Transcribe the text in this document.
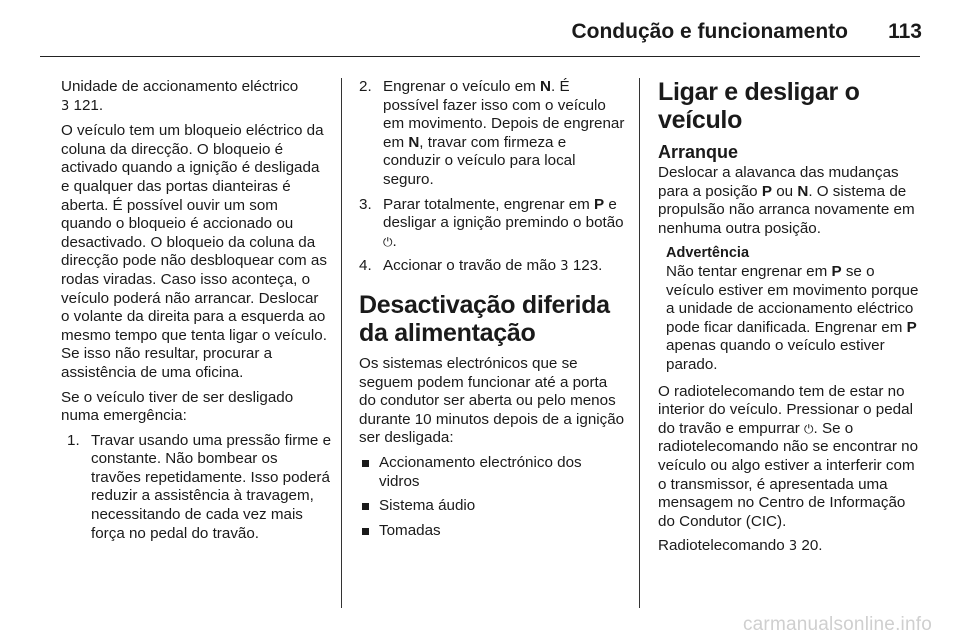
Condução e funcionamento 113

Unidade de accionamento eléctrico
3 121.

O veículo tem um bloqueio eléctrico da coluna da direcção. O bloqueio é activado quando a ignição é desligada e qualquer das portas dianteiras é aberta. É possível ouvir um som quando o bloqueio é accionado ou desactivado. O bloqueio da coluna da direcção pode não desbloquear com as rodas viradas. Caso isso aconteça, o veículo poderá não arrancar. Deslocar o volante da direita para a esquerda ao mesmo tempo que tenta ligar o veículo. Se isso não resultar, procurar a assistência de uma oficina.

Se o veículo tiver de ser desligado numa emergência:

1. Travar usando uma pressão firme e constante. Não bombear os travões repetidamente. Isso poderá reduzir a assistência à travagem, necessitando de cada vez mais força no pedal do travão.
2. Engrenar o veículo em N. É possível fazer isso com o veículo em movimento. Depois de engrenar em N, travar com firmeza e conduzir o veículo para local seguro.
3. Parar totalmente, engrenar em P e desligar a ignição premindo o botão ⏻.
4. Accionar o travão de mão 3 123.
Desactivação diferida da alimentação

Os sistemas electrónicos que se seguem podem funcionar até a porta do condutor ser aberta ou pelo menos durante 10 minutos depois de a ignição ser desligada:

Accionamento electrónico dos vidros
Sistema áudio
Tomadas
Ligar e desligar o veículo
Arranque

Deslocar a alavanca das mudanças para a posição P ou N. O sistema de propulsão não arranca novamente em nenhuma outra posição.

Advertência
Não tentar engrenar em P se o veículo estiver em movimento porque a unidade de accionamento eléctrico pode ficar danificada. Engrenar em P apenas quando o veículo estiver parado.

O radiotelecomando tem de estar no interior do veículo. Pressionar o pedal do travão e empurrar ⏻. Se o radiotelecomando não se encontrar no veículo ou algo estiver a interferir com o transmissor, é apresentada uma mensagem no Centro de Informação do Condutor (CIC).

Radiotelecomando 3 20.

carmanualsonline.info
